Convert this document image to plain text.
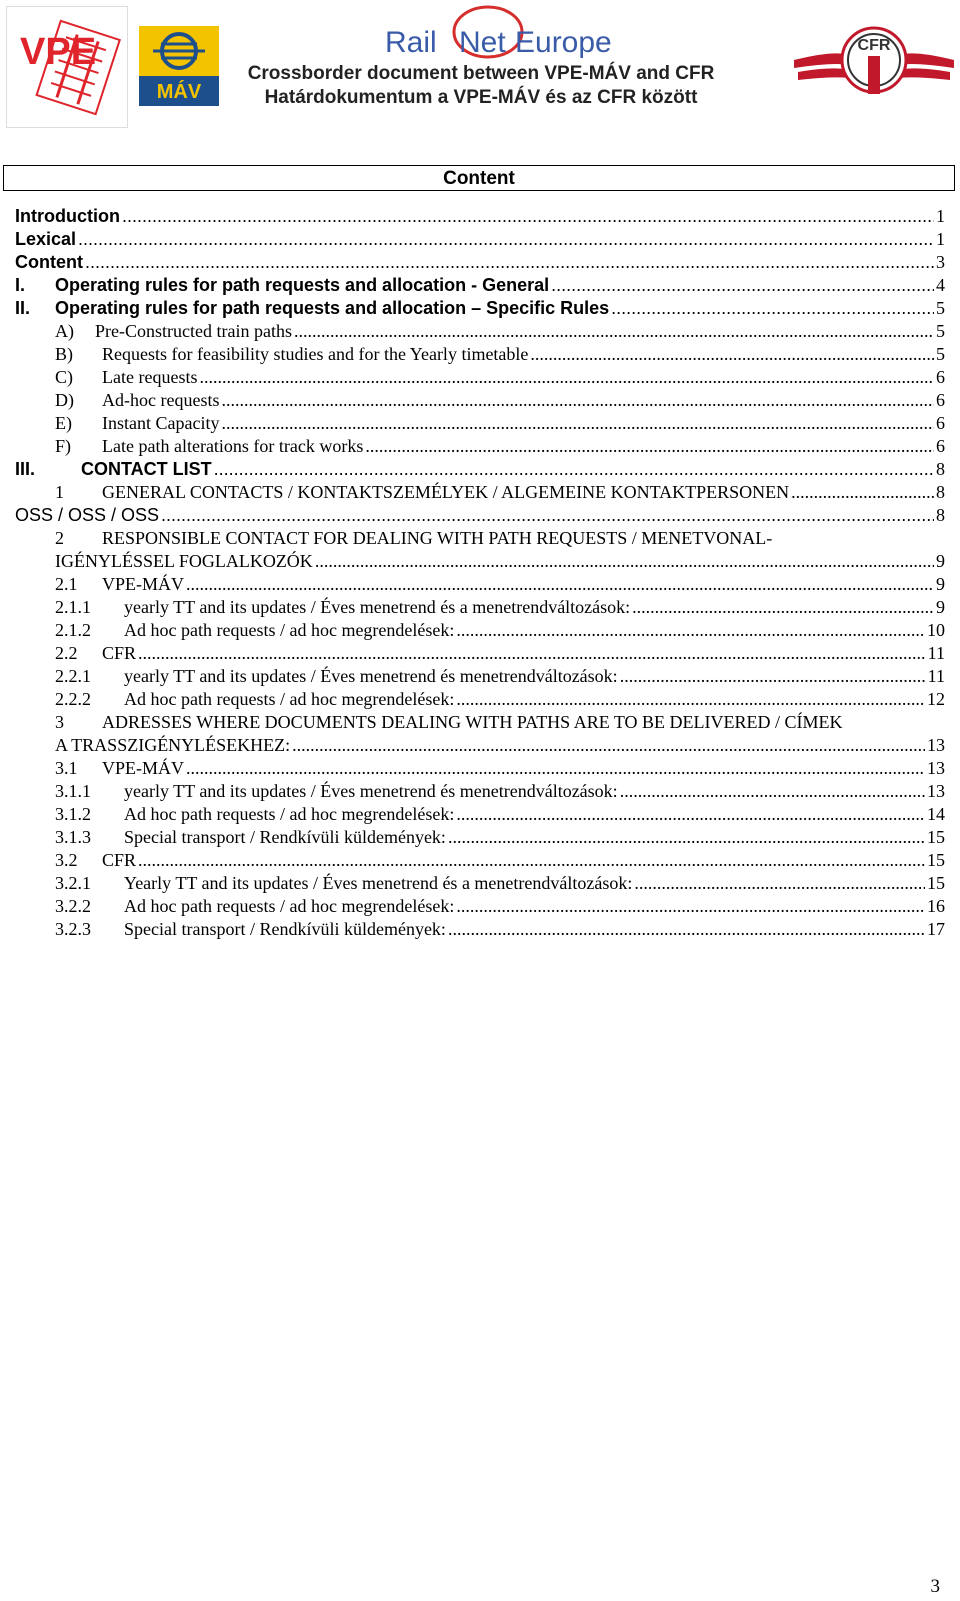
VPE
MÁV
Rail Net Europe	CFR
Crossborder document between VPE-MÁV and CFR
Határdokumentum a VPE-MÁV és az CFR között
Content
Introduction .....	1
Lexical .....	1
Content .....	3
I.	Operating rules for path requests and allocation - General .....	4
II.	Operating rules for path requests and allocation – Specific Rules .....	5
A)	Pre-Constructed train paths .....	5
B)	Requests for feasibility studies and for the Yearly timetable .....	5
C)	Late requests .....	6
D)	Ad-hoc requests .....	6
E)	Instant Capacity .....	6
F)	Late path alterations for track works .....	6
III.	CONTACT LIST .....	8
1	GENERAL CONTACTS / KONTAKTSZEMÉLYEK / ALGEMEINE KONTAKTPERSONEN .....	8
OSS / OSS / OSS .....	8
2 RESPONSIBLE CONTACT FOR DEALING WITH PATH REQUESTS / MENETVONAL-
IGÉNYLÉSSEL FOGLALKOZÓK .....	9
2.1	VPE-MÁV .....	9
2.1.1	yearly TT and its updates / Éves menetrend és a menetrendváltozások: .....	9
2.1.2	Ad hoc path requests / ad hoc megrendelések: .....	10
2.2	CFR .....	11
2.2.1	yearly TT and its updates / Éves menetrend és menetrendváltozások: .....	11
2.2.2	Ad hoc path requests / ad hoc megrendelések: .....	12
3 ADRESSES WHERE DOCUMENTS DEALING WITH PATHS ARE TO BE DELIVERED / CÍMEK
A TRASSZIGÉNYLÉSEKHEZ: .....	13
3.1	VPE-MÁV .....	13
3.1.1	yearly TT and its updates / Éves menetrend és menetrendváltozások: .....	13
3.1.2	Ad hoc path requests / ad hoc megrendelések: .....	14
3.1.3	Special transport / Rendkívüli küldemények: .....	15
3.2	CFR .....	15
3.2.1	Yearly TT and its updates / Éves menetrend és a menetrendváltozások: .....	15
3.2.2	Ad hoc path requests / ad hoc megrendelések: .....	16
3.2.3	Special transport / Rendkívüli küldemények: .....	17
3
